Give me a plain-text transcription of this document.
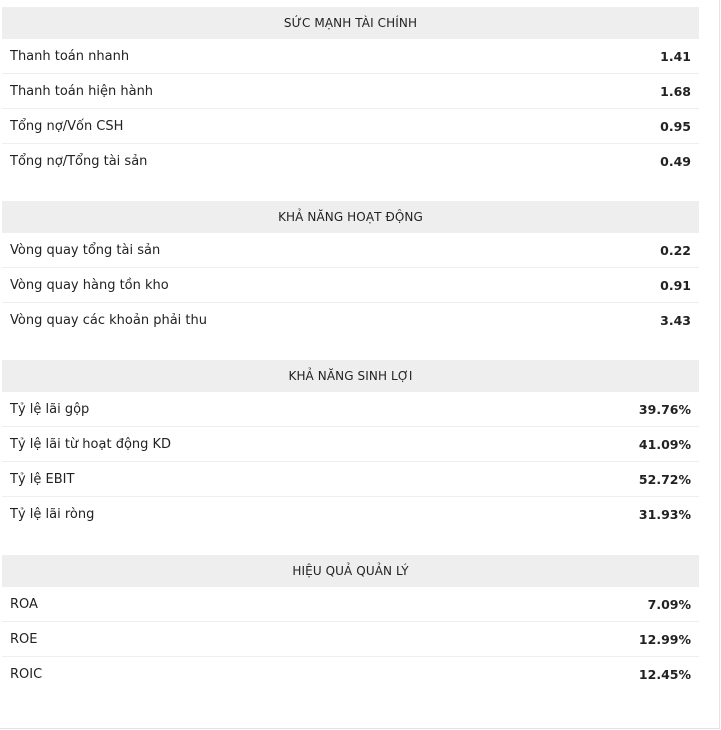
SỨC MẠNH TÀI CHÍNH
Thanh toán nhanh	1.41
Thanh toán hiện hành	1.68
Tổng nợ/Vốn CSH	0.95
Tổng nợ/Tổng tài sản	0.49
KHẢ NĂNG HOẠT ĐỘNG
Vòng quay tổng tài sản	0.22
Vòng quay hàng tồn kho	0.91
Vòng quay các khoản phải thu	3.43
KHẢ NĂNG SINH LỢI
Tỷ lệ lãi gộp	39.76%
Tỷ lệ lãi từ hoạt động KD	41.09%
Tỷ lệ EBIT	52.72%
Tỷ lệ lãi ròng	31.93%
HIỆU QUẢ QUẢN LÝ
ROA	7.09%
ROE	12.99%
ROIC	12.45%
